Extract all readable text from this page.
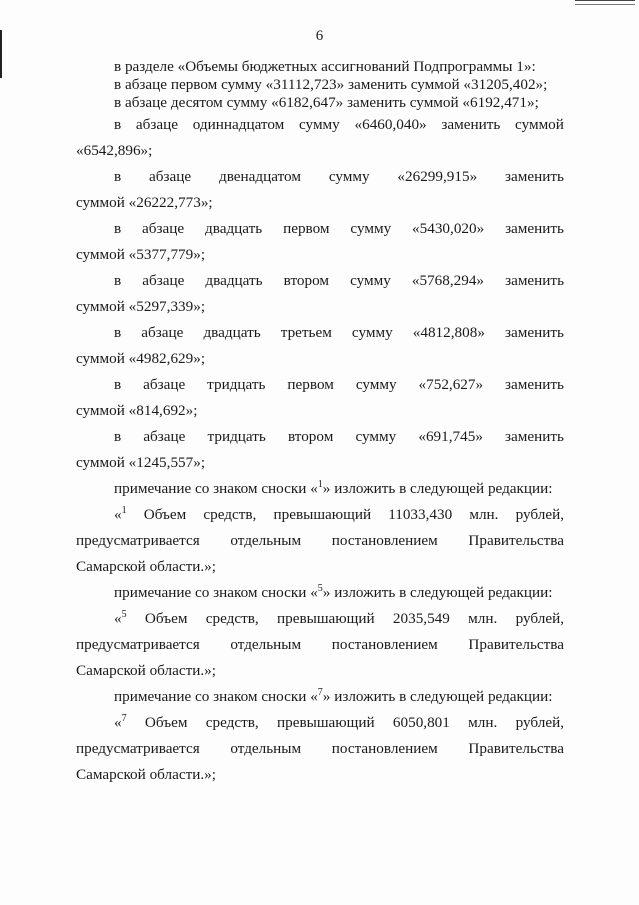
6
в разделе «Объемы бюджетных ассигнований Подпрограммы 1»:
в абзаце первом сумму «31112,723» заменить суммой «31205,402»;
в абзаце десятом сумму «6182,647» заменить суммой «6192,471»;
в абзаце одиннадцатом сумму «6460,040» заменить суммой
«6542,896»;
в абзаце двенадцатом сумму «26299,915» заменить
суммой «26222,773»;
в абзаце двадцать первом сумму «5430,020» заменить
суммой «5377,779»;
в абзаце двадцать втором сумму «5768,294» заменить
суммой «5297,339»;
в абзаце двадцать третьем сумму «4812,808» заменить
суммой «4982,629»;
в абзаце тридцать первом сумму «752,627» заменить
суммой «814,692»;
в абзаце тридцать втором сумму «691,745» заменить
суммой «1245,557»;
примечание со знаком сноски «$^1$» изложить в следующей редакции:
«$^1$ Объем средств, превышающий 11033,430 млн. рублей,
предусматривается отдельным постановлением Правительства
Самарской области.»;
примечание со знаком сноски «$^5$» изложить в следующей редакции:
«$^5$ Объем средств, превышающий 2035,549 млн. рублей,
предусматривается отдельным постановлением Правительства
Самарской области.»;
примечание со знаком сноски «$^7$» изложить в следующей редакции:
«$^7$ Объем средств, превышающий 6050,801 млн. рублей,
предусматривается отдельным постановлением Правительства
Самарской области.»;
